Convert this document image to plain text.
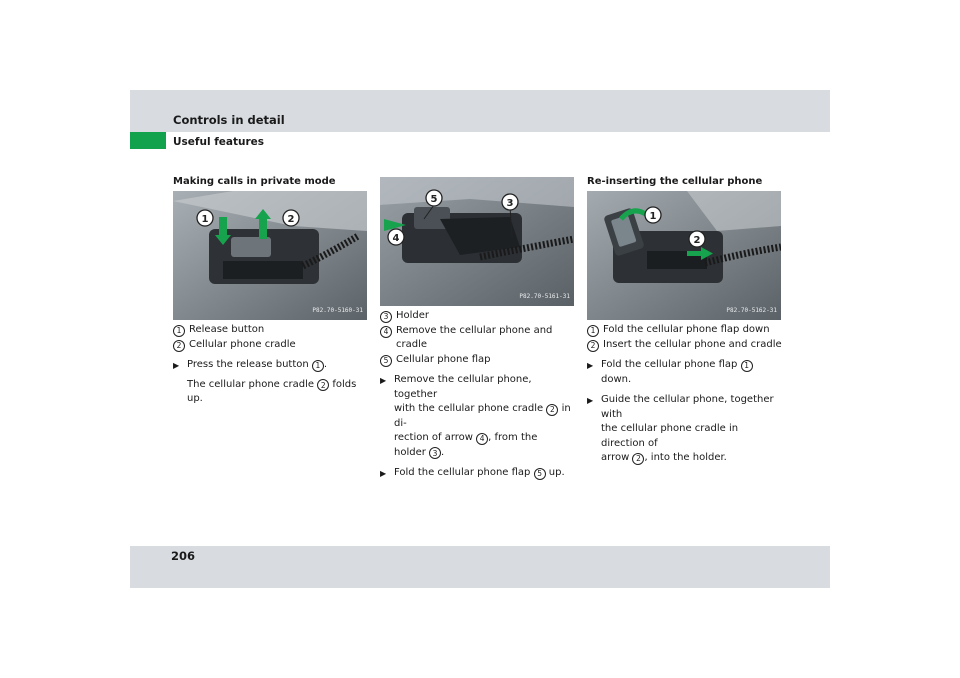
Controls in detail
Useful features
Making calls in private mode
1	2
P82.70-5160-31
1 Release button
2 Cellular phone cradle
▶ Press the release button 1 .
The cellular phone cradle 2 folds up.
3
4
5
P82.70-5161-31
3 Holder
4 Remove the cellular phone and cradle
5 Cellular phone flap
▶ Remove the cellular phone, together
with the cellular phone cradle 2 in di-
rection of arrow 4 , from the
holder 3 .
▶ Fold the cellular phone flap 5 up.
Re-inserting the cellular phone
1
2
P82.70-5162-31
1 Fold the cellular phone flap down
2 Insert the cellular phone and cradle
▶ Fold the cellular phone flap 1 down.
▶ Guide the cellular phone, together with
the cellular phone cradle in direction of
arrow 2 , into the holder.
206
